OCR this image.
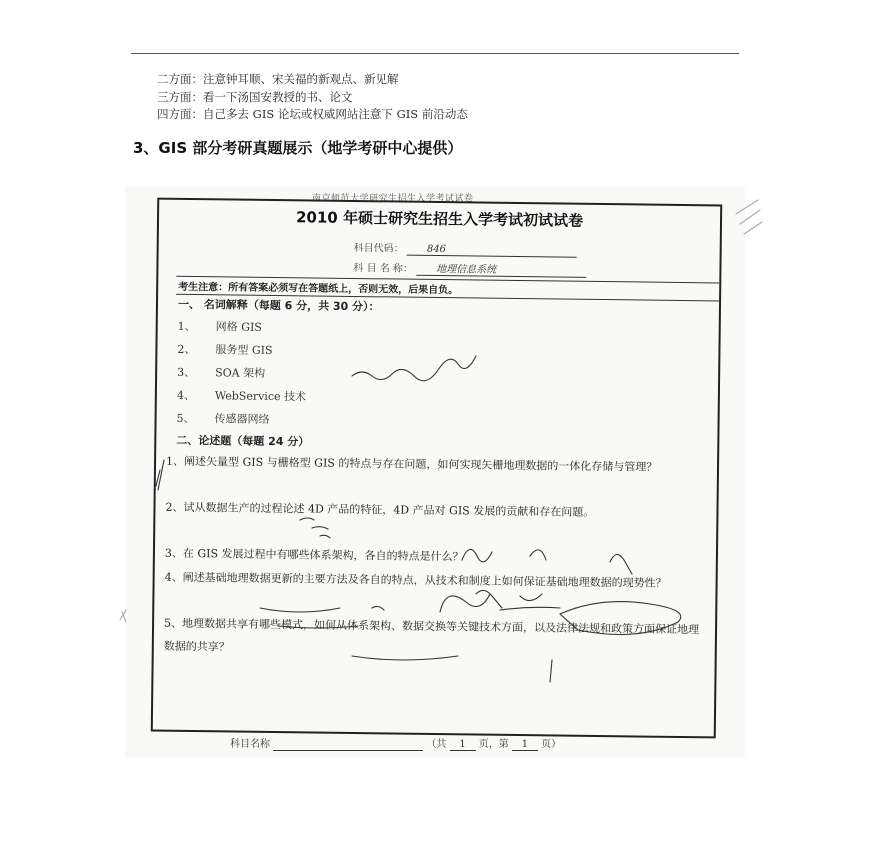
二方面：注意钟耳顺、宋关福的新观点、新见解
三方面：看一下汤国安教授的书、论文
四方面：自己多去 GIS 论坛或权威网站注意下 GIS 前沿动态
3、GIS 部分考研真题展示（地学考研中心提供）
南京师范大学研究生招生入学考试试卷
2010 年硕士研究生招生入学考试初试试卷
科目代码： 846
科 目 名 称： 地理信息系统
考生注意：所有答案必须写在答题纸上，否则无效，后果自负。
一、 名词解释（每题 6 分，共 30 分）：
1、 网格 GIS
2、 服务型 GIS
3、 SOA 架构
4、 WebService 技术
5、 传感器网络
二、论述题（每题 24 分）
1、阐述矢量型 GIS 与栅格型 GIS 的特点与存在问题，如何实现矢栅地理数据的一体化存储与管理？
2、试从数据生产的过程论述 4D 产品的特征，4D 产品对 GIS 发展的贡献和存在问题。
3、在 GIS 发展过程中有哪些体系架构，各自的特点是什么？
4、阐述基础地理数据更新的主要方法及各自的特点，从技术和制度上如何保证基础地理数据的现势性？
5、地理数据共享有哪些模式，如何从体系架构、数据交换等关键技术方面，以及法律法规和政策方面保证地理数据的共享？
科目名称	（共 1 页，第 1 页）
